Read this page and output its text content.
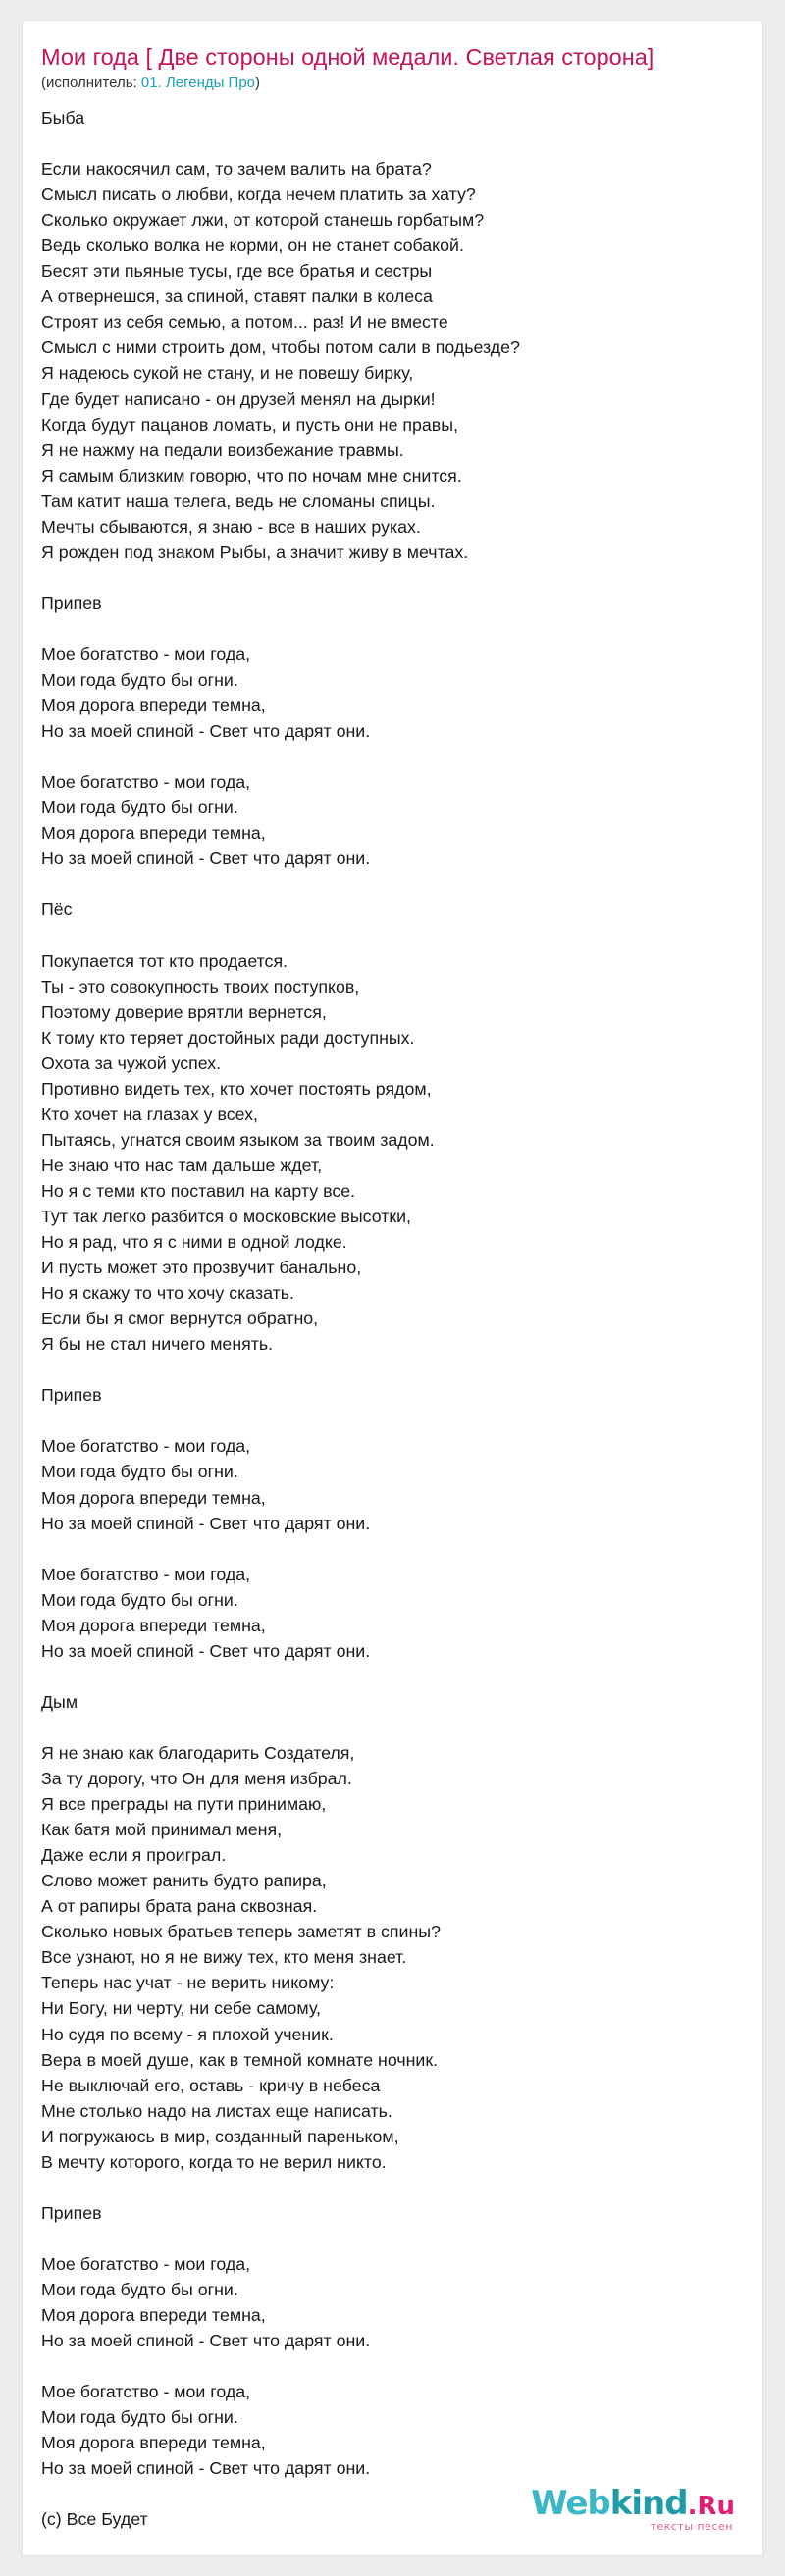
Мои года [ Две стороны одной медали. Светлая сторона]
(исполнитель: 01. Легенды Про)
Быба
Если накосячил сам, то зачем валить на брата?
Смысл писать о любви, когда нечем платить за хату?
Сколько окружает лжи, от которой станешь горбатым?
Ведь сколько волка не корми, он не станет собакой.
Бесят эти пьяные тусы, где все братья и сестры
А отвернешся, за спиной, ставят палки в колеса
Строят из себя семью, а потом... раз! И не вместе
Смысл с ними строить дом, чтобы потом сали в подьезде?
Я надеюсь сукой не стану, и не повешу бирку,
Где будет написано - он друзей менял на дырки!
Когда будут пацанов ломать, и пусть они не правы,
Я не нажму на педали воизбежание травмы.
Я самым близким говорю, что по ночам мне снится.
Там катит наша телега, ведь не сломаны спицы.
Мечты сбываются, я знаю - все в наших руках.
Я рожден под знаком Рыбы, а значит живу в мечтах.
Припев
Мое богатство - мои года,
Мои года будто бы огни.
Моя дорога впереди темна,
Но за моей спиной - Свет что дарят они.
Мое богатство - мои года,
Мои года будто бы огни.
Моя дорога впереди темна,
Но за моей спиной - Свет что дарят они.
Пёс
Покупается тот кто продается.
Ты - это совокупность твоих поступков,
Поэтому доверие врятли вернется,
К тому кто теряет достойных ради доступных.
Охота за чужой успех.
Противно видеть тех, кто хочет постоять рядом,
Кто хочет на глазах у всех,
Пытаясь, угнатся своим языком за твоим задом.
Не знаю что нас там дальше ждет,
Но я с теми кто поставил на карту все.
Тут так легко разбится о московские высотки,
Но я рад, что я с ними в одной лодке.
И пусть может это прозвучит банально,
Но я скажу то что хочу сказать.
Если бы я смог вернутся обратно,
Я бы не стал ничего менять.
Припев
Мое богатство - мои года,
Мои года будто бы огни.
Моя дорога впереди темна,
Но за моей спиной - Свет что дарят они.
Мое богатство - мои года,
Мои года будто бы огни.
Моя дорога впереди темна,
Но за моей спиной - Свет что дарят они.
Дым
Я не знаю как благодарить Создателя,
За ту дорогу, что Он для меня избрал.
Я все преграды на пути принимаю,
Как батя мой принимал меня,
Даже если я проиграл.
Слово может ранить будто рапира,
А от рапиры брата рана сквозная.
Сколько новых братьев теперь заметят в спины?
Все узнают, но я не вижу тех, кто меня знает.
Теперь нас учат - не верить никому:
Ни Богу, ни черту, ни себе самому,
Но судя по всему - я плохой ученик.
Вера в моей душе, как в темной комнате ночник.
Не выключай его, оставь - кричу в небеса
Мне столько надо на листах еще написать.
И погружаюсь в мир, созданный пареньком,
В мечту которого, когда то не верил никто.
Припев
Мое богатство - мои года,
Мои года будто бы огни.
Моя дорога впереди темна,
Но за моей спиной - Свет что дарят они.
Мое богатство - мои года,
Мои года будто бы огни.
Моя дорога впереди темна,
Но за моей спиной - Свет что дарят они.
(c) Все Будет	Webkind.Ru
тексты песен
